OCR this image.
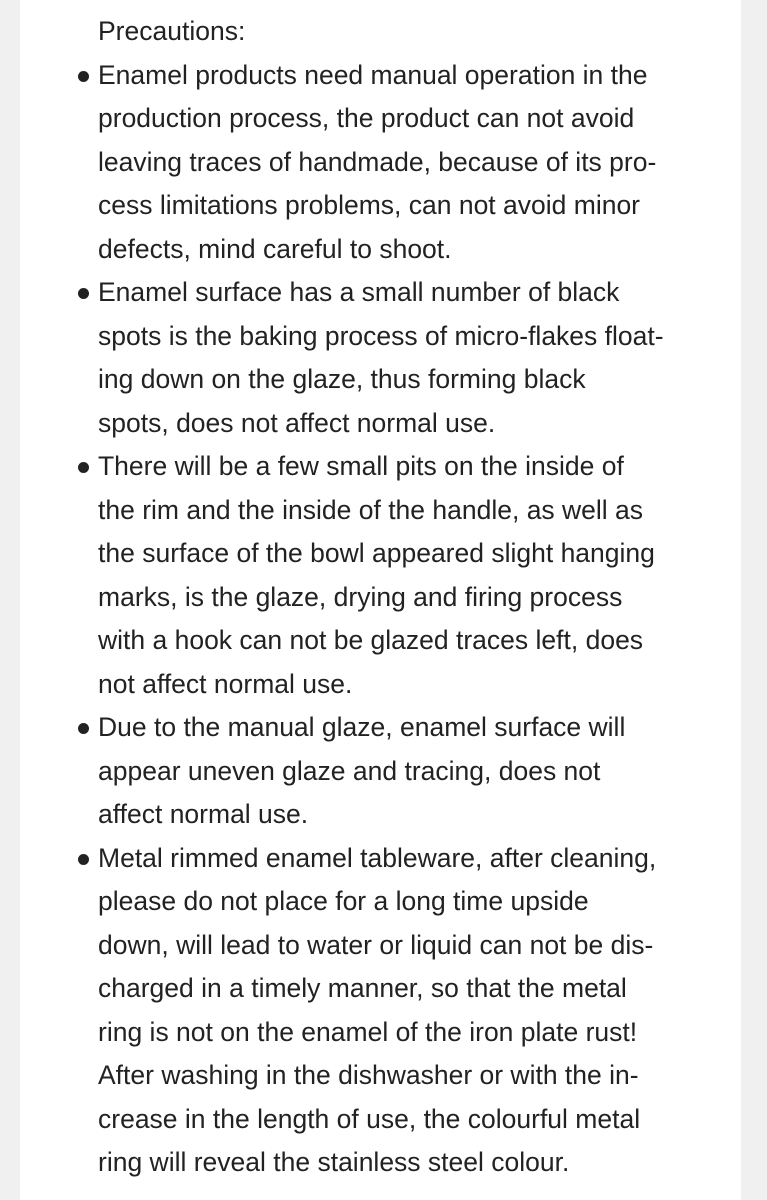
Precautions:

Enamel products need manual operation in the
production process, the product can not avoid
leaving traces of handmade, because of its pro-
cess limitations problems, can not avoid minor
defects, mind careful to shoot.
Enamel surface has a small number of black
spots is the baking process of micro-flakes float-
ing down on the glaze, thus forming black
spots, does not affect normal use.
There will be a few small pits on the inside of
the rim and the inside of the handle, as well as
the surface of the bowl appeared slight hanging
marks, is the glaze, drying and firing process
with a hook can not be glazed traces left, does
not affect normal use.
Due to the manual glaze, enamel surface will
appear uneven glaze and tracing, does not
affect normal use.
Metal rimmed enamel tableware, after cleaning,
please do not place for a long time upside
down, will lead to water or liquid can not be dis-
charged in a timely manner, so that the metal
ring is not on the enamel of the iron plate rust!
After washing in the dishwasher or with the in-
crease in the length of use, the colourful metal
ring will reveal the stainless steel colour.
